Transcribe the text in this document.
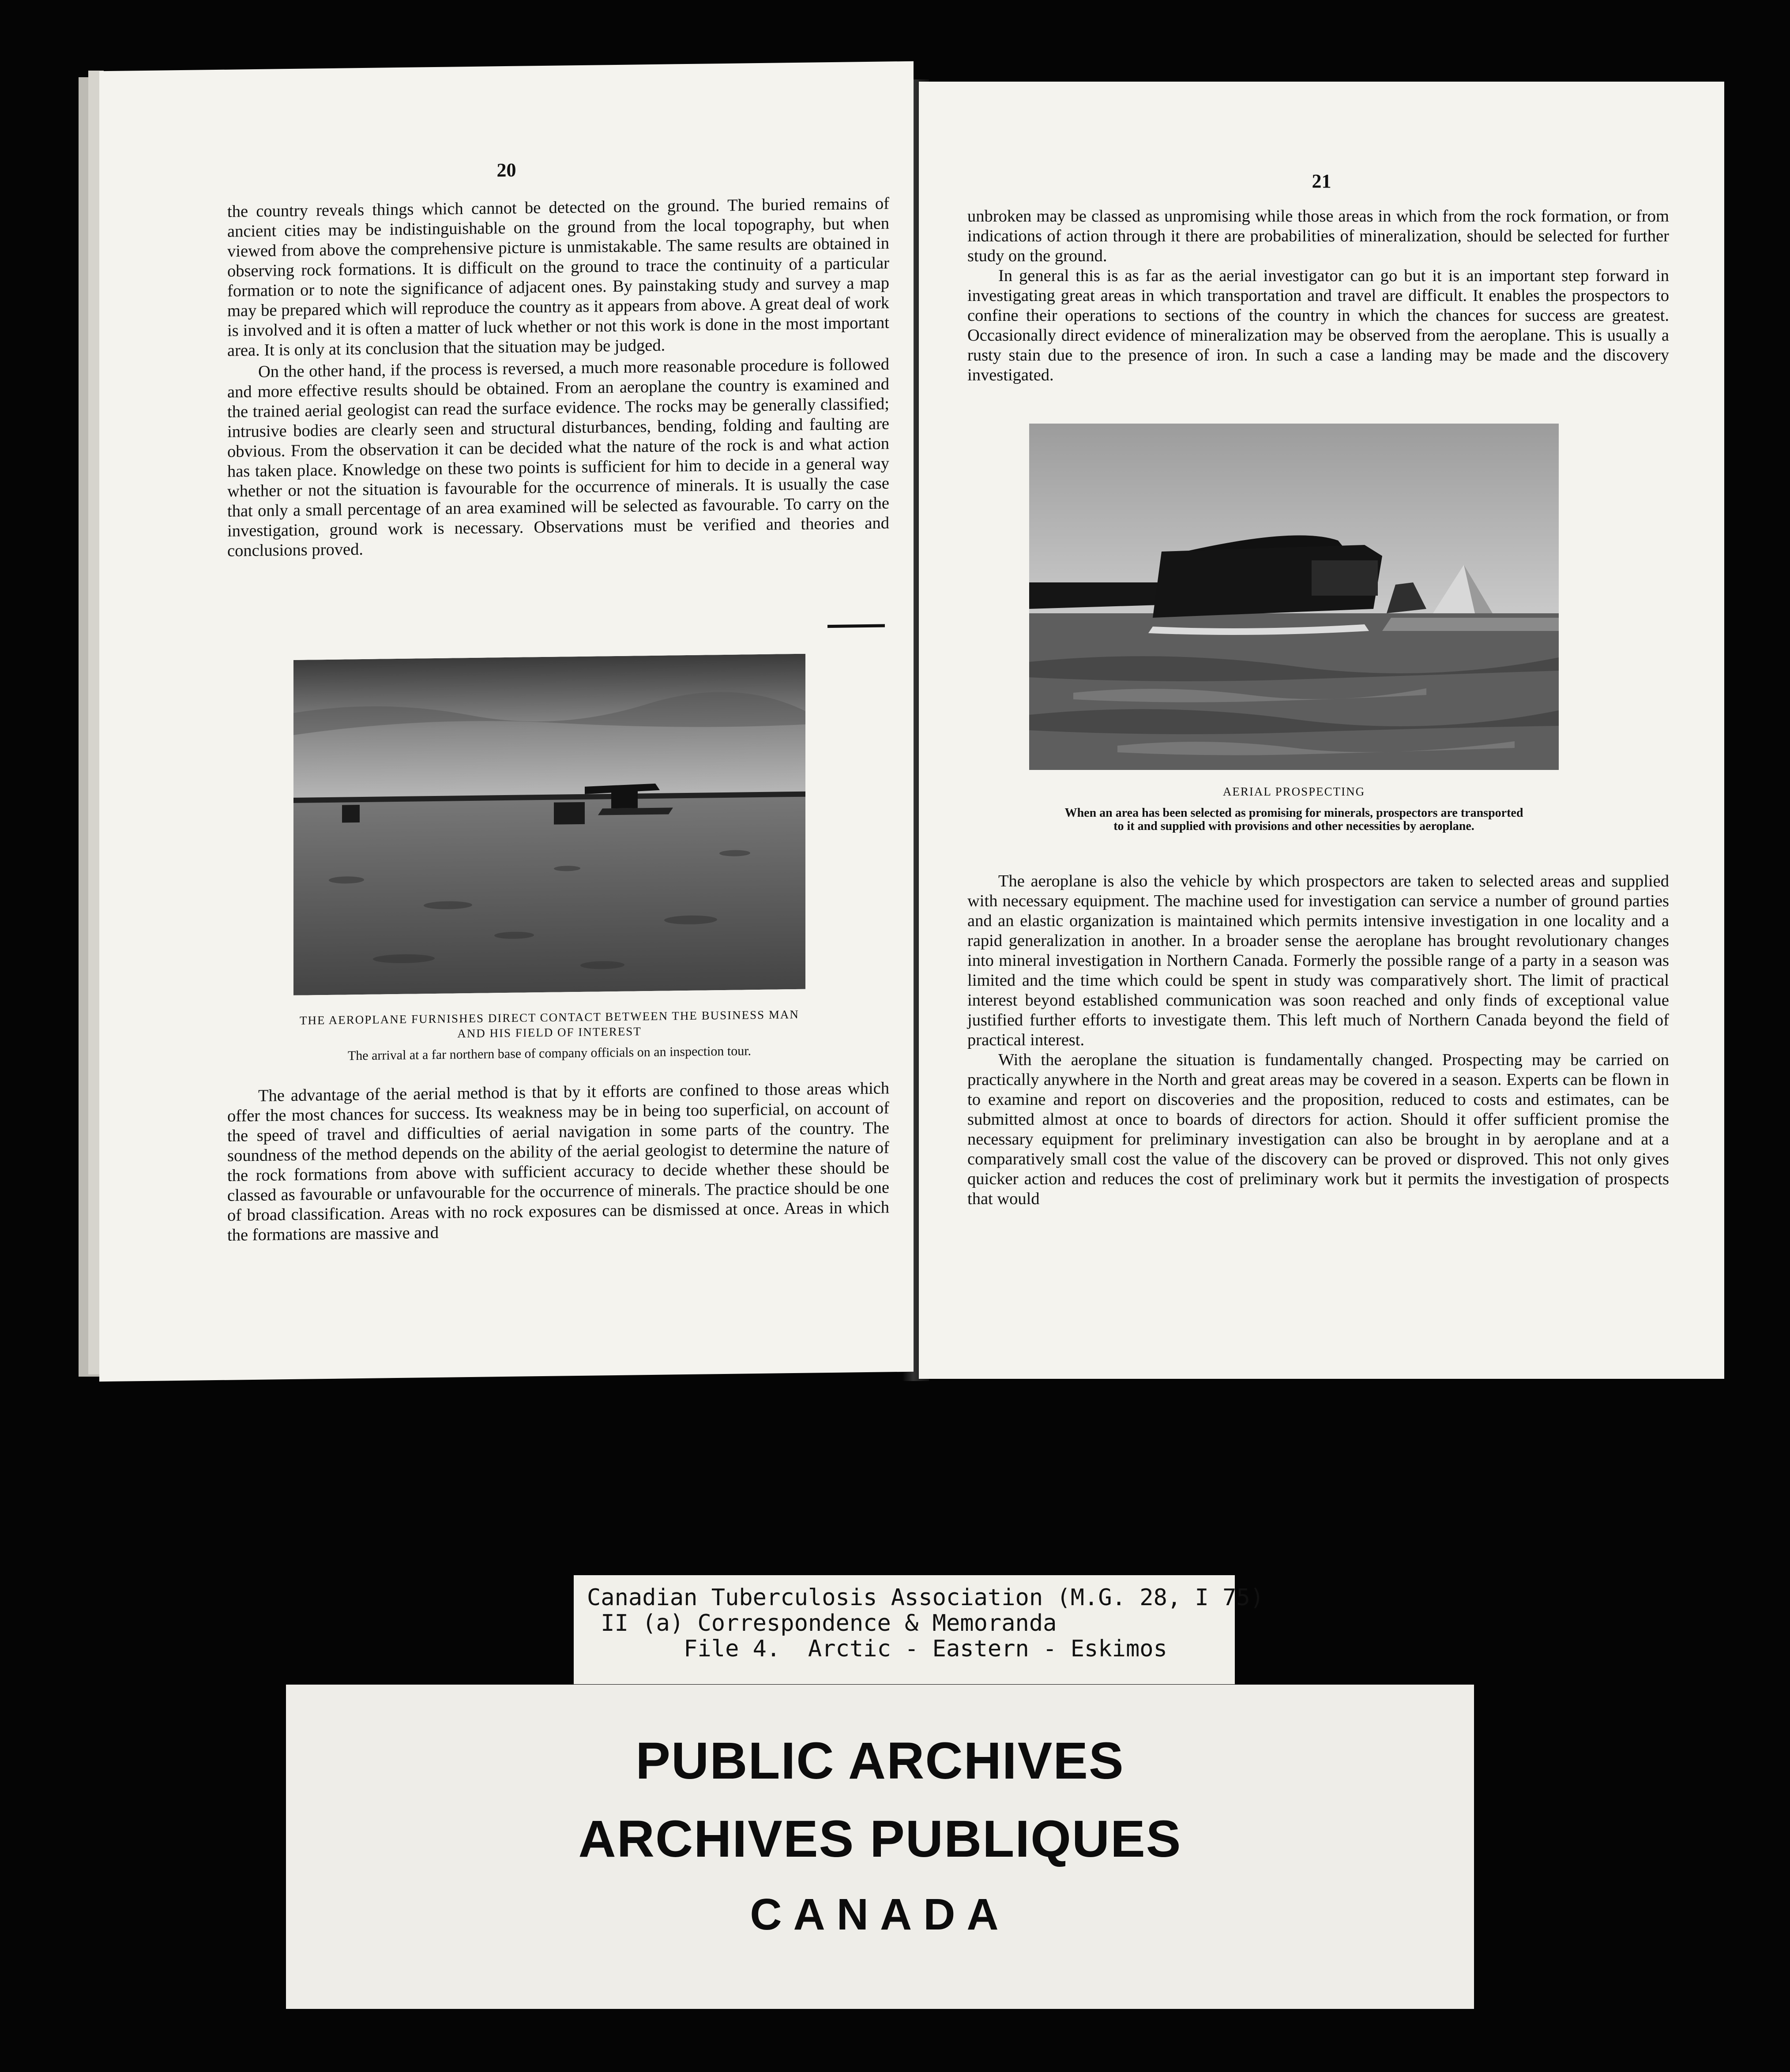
20

the country reveals things which cannot be detected on the ground. The buried remains of ancient cities may be indistinguishable on the ground from the local topography, but when viewed from above the comprehensive picture is unmistakable. The same results are obtained in observing rock formations. It is difficult on the ground to trace the continuity of a particular formation or to note the significance of adjacent ones. By painstaking study and survey a map may be prepared which will reproduce the country as it appears from above. A great deal of work is involved and it is often a matter of luck whether or not this work is done in the most important area. It is only at its conclusion that the situation may be judged.

On the other hand, if the process is reversed, a much more reasonable procedure is followed and more effective results should be obtained. From an aeroplane the country is examined and the trained aerial geologist can read the surface evidence. The rocks may be generally classified; intrusive bodies are clearly seen and structural disturbances, bending, folding and faulting are obvious. From the observation it can be decided what the nature of the rock is and what action has taken place. Knowledge on these two points is sufficient for him to decide in a general way whether or not the situation is favourable for the occurrence of minerals. It is usually the case that only a small percentage of an area examined will be selected as favourable. To carry on the investigation, ground work is necessary. Observations must be verified and theories and conclusions proved.

THE AEROPLANE FURNISHES DIRECT CONTACT BETWEEN THE BUSINESS MAN AND HIS FIELD OF INTEREST
The arrival at a far northern base of company officials on an inspection tour.

The advantage of the aerial method is that by it efforts are confined to those areas which offer the most chances for success. Its weakness may be in being too superficial, on account of the speed of travel and difficulties of aerial navigation in some parts of the country. The soundness of the method depends on the ability of the aerial geologist to determine the nature of the rock formations from above with sufficient accuracy to decide whether these should be classed as favourable or unfavourable for the occurrence of minerals. The practice should be one of broad classification. Areas with no rock exposures can be dismissed at once. Areas in which the formations are massive and

21

unbroken may be classed as unpromising while those areas in which from the rock formation, or from indications of action through it there are probabilities of mineralization, should be selected for further study on the ground.

In general this is as far as the aerial investigator can go but it is an important step forward in investigating great areas in which transportation and travel are difficult. It enables the prospectors to confine their operations to sections of the country in which the chances for success are greatest. Occasionally direct evidence of mineralization may be observed from the aeroplane. This is usually a rusty stain due to the presence of iron. In such a case a landing may be made and the discovery investigated.

AERIAL PROSPECTING
When an area has been selected as promising for minerals, prospectors are transported to it and supplied with provisions and other necessities by aeroplane.

The aeroplane is also the vehicle by which prospectors are taken to selected areas and supplied with necessary equipment. The machine used for investigation can service a number of ground parties and an elastic organization is maintained which permits intensive investigation in one locality and a rapid generalization in another. In a broader sense the aeroplane has brought revolutionary changes into mineral investigation in Northern Canada. Formerly the possible range of a party in a season was limited and the time which could be spent in study was comparatively short. The limit of practical interest beyond established communication was soon reached and only finds of exceptional value justified further efforts to investigate them. This left much of Northern Canada beyond the field of practical interest.

With the aeroplane the situation is fundamentally changed. Prospecting may be carried on practically anywhere in the North and great areas may be covered in a season. Experts can be flown in to examine and report on discoveries and the proposition, reduced to costs and estimates, can be submitted almost at once to boards of directors for action. Should it offer sufficient promise the necessary equipment for preliminary investigation can also be brought in by aeroplane and at a comparatively small cost the value of the discovery can be proved or disproved. This not only gives quicker action and reduces the cost of preliminary work but it permits the investigation of prospects that would

Canadian Tuberculosis Association (M.G. 28, I 75)
II (a) Correspondence & Memoranda
File 4.  Arctic - Eastern - Eskimos
PUBLIC ARCHIVES
ARCHIVES PUBLIQUES
CANADA
